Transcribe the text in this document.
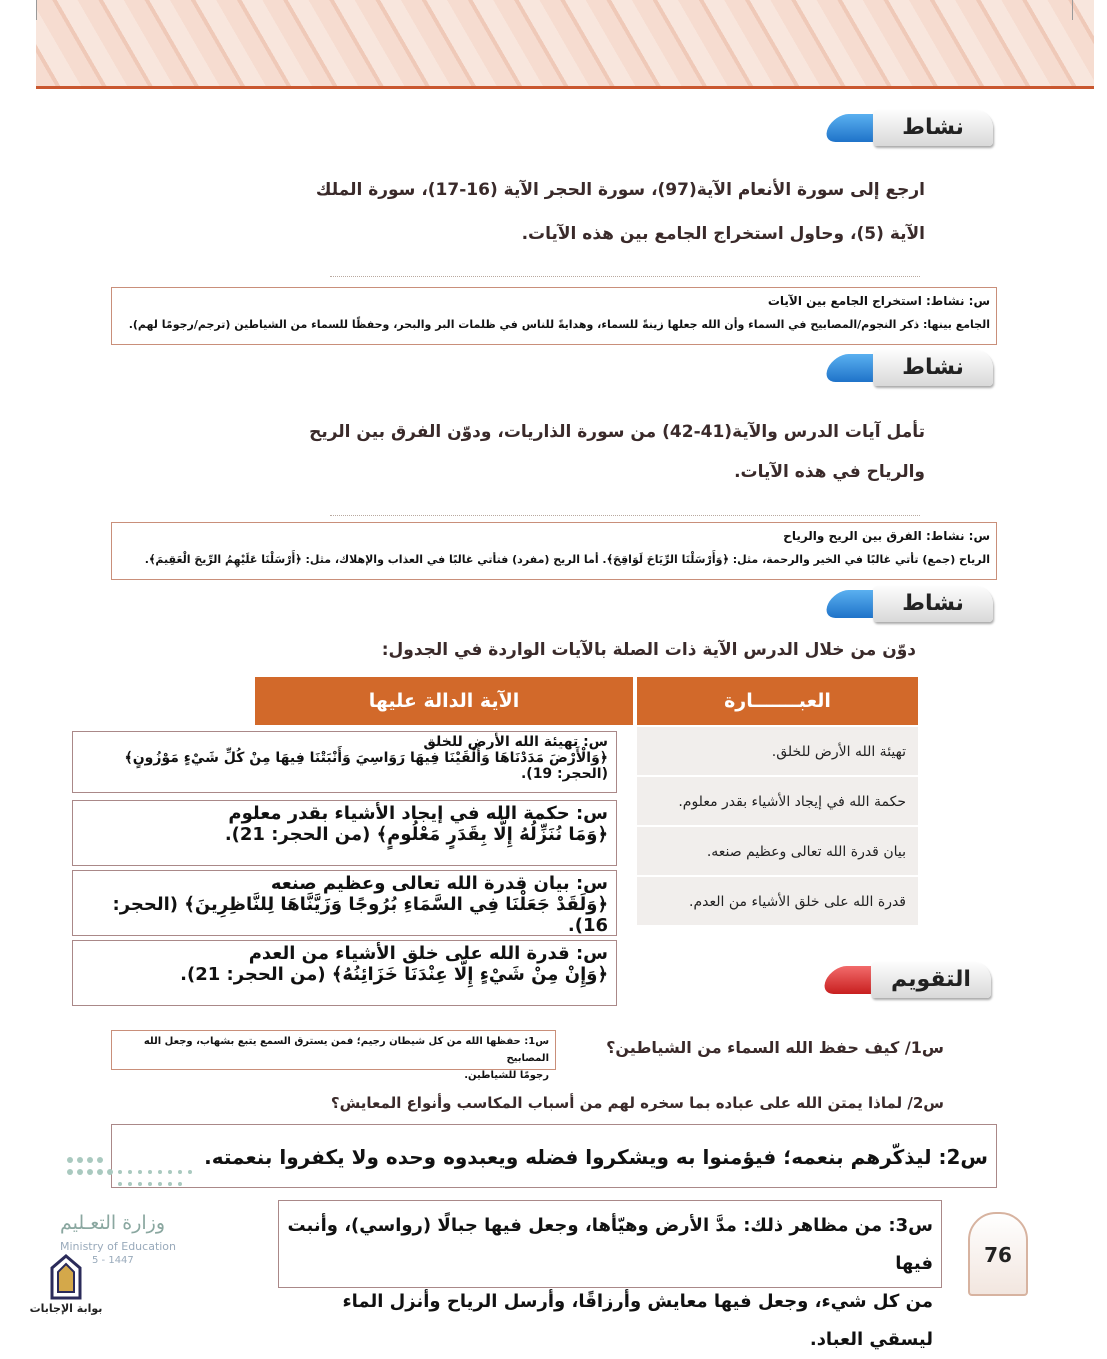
نشاط
ارجع إلى سورة الأنعام الآية(97)، سورة الحجر الآية (16-17)، سورة الملك
الآية (5)، وحاول استخراج الجامع بين هذه الآيات.
س: نشاط: استخراج الجامع بين الآيات
الجامع بينها: ذكر النجوم/المصابيح في السماء وأن الله جعلها زينةً للسماء، وهدايةً للناس في ظلمات البر والبحر، وحفظًا للسماء من الشياطين (ترجم/رجومًا لهم).
نشاط
تأمل آيات الدرس والآية(41-42) من سورة الذاريات، ودوّن الفرق بين الريح
والرياح في هذه الآيات.
س: نشاط: الفرق بين الريح والرياح
الرياح (جمع) تأتي غالبًا في الخير والرحمة، مثل: ﴿وَأَرْسَلْنَا الرِّيَاحَ لَوَاقِحَ﴾. أما الريح (مفرد) فتأتي غالبًا في العذاب والإهلاك، مثل: ﴿أَرْسَلْنَا عَلَيْهِمُ الرِّيحَ الْعَقِيمَ﴾.
نشاط
دوّن من خلال الدرس الآية ذات الصلة بالآيات الواردة في الجدول:
الآية الدالة عليها	العبـــــــارة
تهيئة الله الأرض للخلق.
حكمة الله في إيجاد الأشياء بقدر معلوم.
بيان قدرة الله تعالى وعظيم صنعه.
قدرة الله على خلق الأشياء من العدم.
س: تهيئة الله الأرض للخلق
﴿وَالْأَرْضَ مَدَدْنَاهَا وَأَلْقَيْنَا فِيهَا رَوَاسِيَ وَأَنْبَتْنَا فِيهَا مِنْ كُلِّ شَيْءٍ مَوْزُونٍ﴾ (الحجر: 19).
س: حكمة الله في إيجاد الأشياء بقدر معلوم
﴿وَمَا نُنَزِّلُهُ إِلَّا بِقَدَرٍ مَعْلُومٍ﴾ (من الحجر: 21).
س: بيان قدرة الله تعالى وعظيم صنعه
﴿وَلَقَدْ جَعَلْنَا فِي السَّمَاءِ بُرُوجًا وَزَيَّنَّاهَا لِلنَّاظِرِينَ﴾ (الحجر: 16).
س: قدرة الله على خلق الأشياء من العدم
﴿وَإِنْ مِنْ شَيْءٍ إِلَّا عِنْدَنَا خَزَائِنُهُ﴾ (من الحجر: 21).	التقويم
س1: حفظها الله من كل شيطان رجيم؛ فمن يسترق السمع يتبع بشهاب، وجعل الله المصابيح
رجومًا للشياطين.
س1/ كيف حفظ الله السماء من الشياطين؟
س2/ لماذا يمتن الله على عباده بما سخره لهم من أسباب المكاسب وأنواع المعايش؟
س2: ليذكّرهم بنعمه؛ فيؤمنوا به ويشكروا فضله ويعبدوه وحده ولا يكفروا بنعمته.
س3: من مظاهر ذلك: مدَّ الأرض وهيّأها، وجعل فيها جبالًا (رواسي)، وأنبت فيها
من كل شيء، وجعل فيها معايش وأرزاقًا، وأرسل الرياح وأنزل الماء ليسقي العباد.
وزارة التعـليم
Ministry of Education
5 - 1447
بوابة الإجابات
76
